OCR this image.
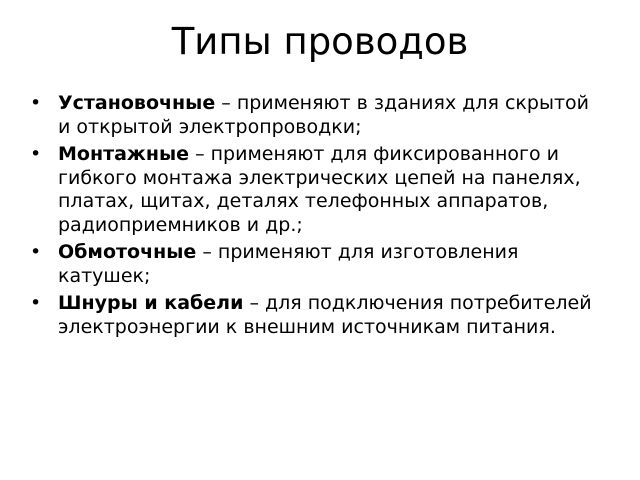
Типы проводов
• Установочные – применяют в зданиях для скрытой и открытой электропроводки;
• Монтажные – применяют для фиксированного и гибкого монтажа электрических цепей на панелях, платах, щитах, деталях телефонных аппаратов, радиоприемников и др.;
• Обмоточные – применяют для изготовления катушек;
• Шнуры и кабели – для подключения потребителей электроэнергии к внешним источникам питания.
